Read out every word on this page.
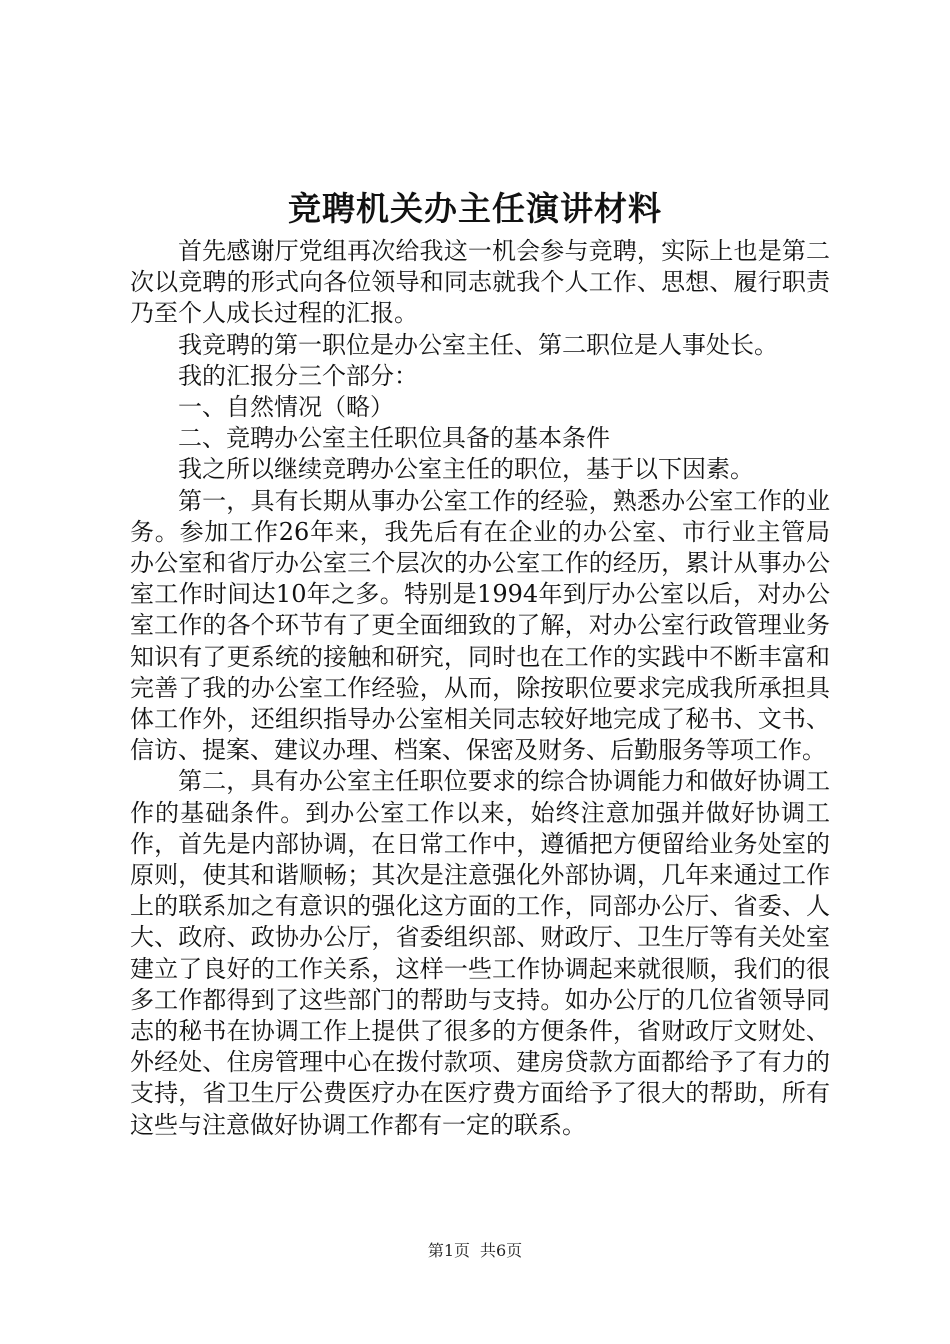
竞聘机关办主任演讲材料

首先感谢厅党组再次给我这一机会参与竞聘，实际上也是第二次以竞聘的形式向各位领导和同志就我个人工作、思想、履行职责乃至个人成长过程的汇报。

我竞聘的第一职位是办公室主任、第二职位是人事处长。

我的汇报分三个部分：

一、自然情况（略）

二、竞聘办公室主任职位具备的基本条件

我之所以继续竞聘办公室主任的职位，基于以下因素。

第一，具有长期从事办公室工作的经验，熟悉办公室工作的业务。参加工作26年来，我先后有在企业的办公室、市行业主管局办公室和省厅办公室三个层次的办公室工作的经历，累计从事办公室工作时间达10年之多。特别是1994年到厅办公室以后，对办公室工作的各个环节有了更全面细致的了解，对办公室行政管理业务知识有了更系统的接触和研究，同时也在工作的实践中不断丰富和完善了我的办公室工作经验，从而，除按职位要求完成我所承担具体工作外，还组织指导办公室相关同志较好地完成了秘书、文书、信访、提案、建议办理、档案、保密及财务、后勤服务等项工作。

第二，具有办公室主任职位要求的综合协调能力和做好协调工作的基础条件。到办公室工作以来，始终注意加强并做好协调工作，首先是内部协调，在日常工作中，遵循把方便留给业务处室的原则，使其和谐顺畅；其次是注意强化外部协调，几年来通过工作上的联系加之有意识的强化这方面的工作，同部办公厅、省委、人大、政府、政协办公厅，省委组织部、财政厅、卫生厅等有关处室建立了良好的工作关系，这样一些工作协调起来就很顺，我们的很多工作都得到了这些部门的帮助与支持。如办公厅的几位省领导同志的秘书在协调工作上提供了很多的方便条件，省财政厅文财处、外经处、住房管理中心在拨付款项、建房贷款方面都给予了有力的支持，省卫生厅公费医疗办在医疗费方面给予了很大的帮助，所有这些与注意做好协调工作都有一定的联系。

第1页 共6页
